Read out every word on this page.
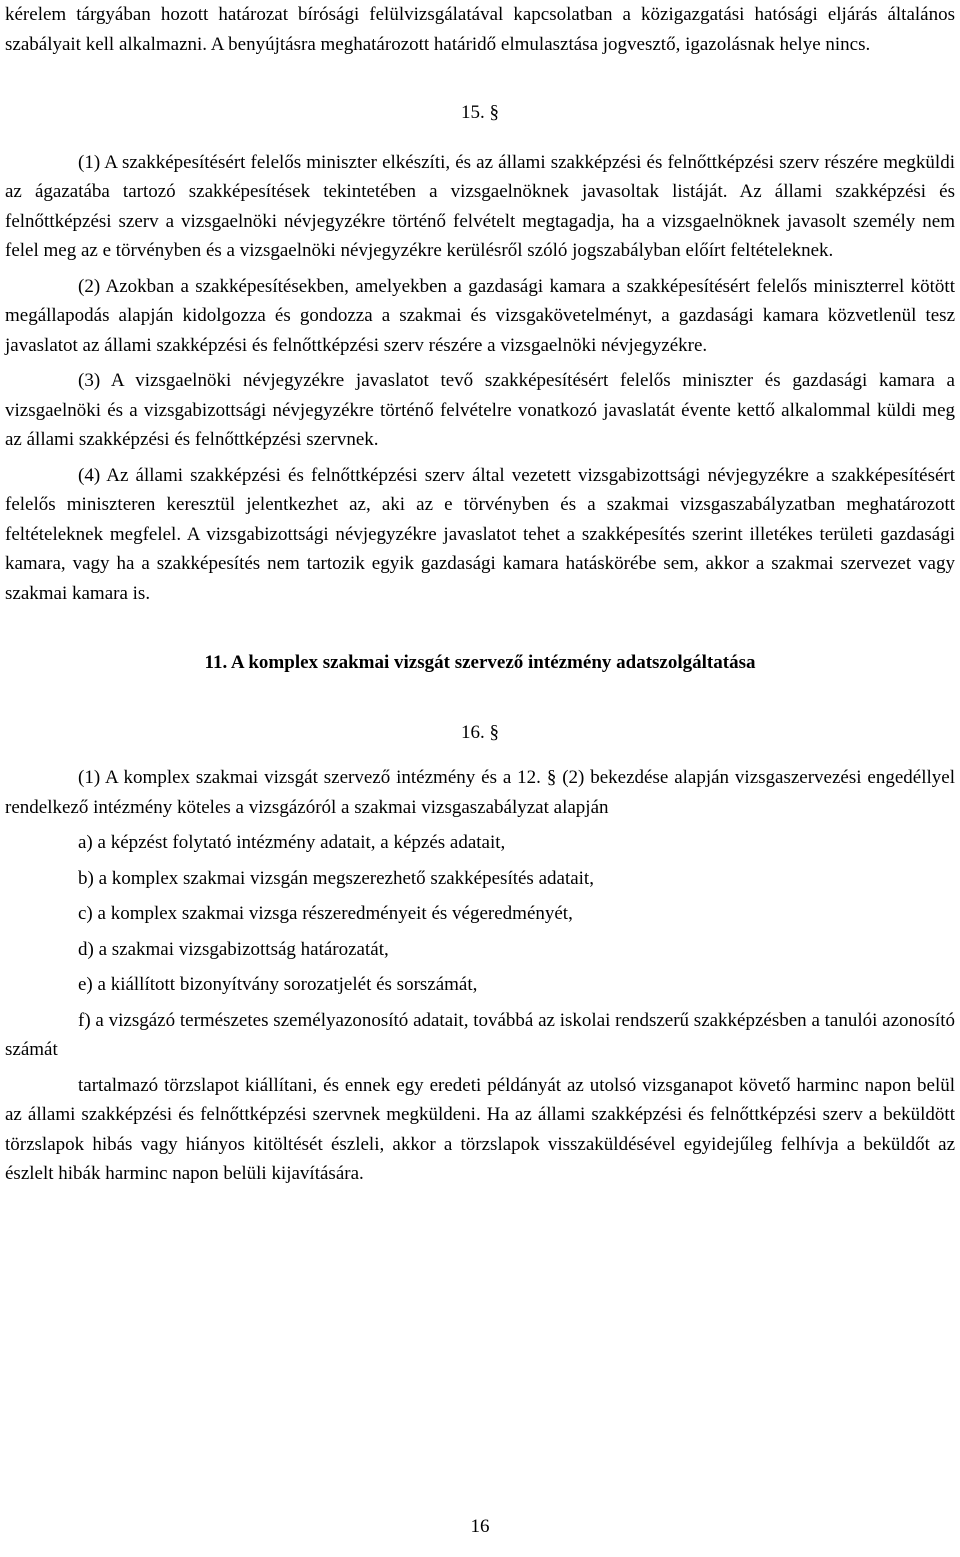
kérelem tárgyában hozott határozat bírósági felülvizsgálatával kapcsolatban a közigazgatási hatósági eljárás általános szabályait kell alkalmazni. A benyújtásra meghatározott határidő elmulasztása jogvesztő, igazolásnak helye nincs.

15. §

(1) A szakképesítésért felelős miniszter elkészíti, és az állami szakképzési és felnőttképzési szerv részére megküldi az ágazatába tartozó szakképesítések tekintetében a vizsgaelnöknek javasoltak listáját. Az állami szakképzési és felnőttképzési szerv a vizsgaelnöki névjegyzékre történő felvételt megtagadja, ha a vizsgaelnöknek javasolt személy nem felel meg az e törvényben és a vizsgaelnöki névjegyzékre kerülésről szóló jogszabályban előírt feltételeknek.

(2) Azokban a szakképesítésekben, amelyekben a gazdasági kamara a szakképesítésért felelős miniszterrel kötött megállapodás alapján kidolgozza és gondozza a szakmai és vizsgakövetelményt, a gazdasági kamara közvetlenül tesz javaslatot az állami szakképzési és felnőttképzési szerv részére a vizsgaelnöki névjegyzékre.

(3) A vizsgaelnöki névjegyzékre javaslatot tevő szakképesítésért felelős miniszter és gazdasági kamara a vizsgaelnöki és a vizsgabizottsági névjegyzékre történő felvételre vonatkozó javaslatát évente kettő alkalommal küldi meg az állami szakképzési és felnőttképzési szervnek.

(4) Az állami szakképzési és felnőttképzési szerv által vezetett vizsgabizottsági névjegyzékre a szakképesítésért felelős miniszteren keresztül jelentkezhet az, aki az e törvényben és a szakmai vizsgaszabályzatban meghatározott feltételeknek megfelel. A vizsgabizottsági névjegyzékre javaslatot tehet a szakképesítés szerint illetékes területi gazdasági kamara, vagy ha a szakképesítés nem tartozik egyik gazdasági kamara hatáskörébe sem, akkor a szakmai szervezet vagy szakmai kamara is.

11. A komplex szakmai vizsgát szervező intézmény adatszolgáltatása

16. §

(1) A komplex szakmai vizsgát szervező intézmény és a 12. § (2) bekezdése alapján vizsgaszervezési engedéllyel rendelkező intézmény köteles a vizsgázóról a szakmai vizsgaszabályzat alapján

a) a képzést folytató intézmény adatait, a képzés adatait,

b) a komplex szakmai vizsgán megszerezhető szakképesítés adatait,

c) a komplex szakmai vizsga részeredményeit és végeredményét,

d) a szakmai vizsgabizottság határozatát,

e) a kiállított bizonyítvány sorozatjelét és sorszámát,

f) a vizsgázó természetes személyazonosító adatait, továbbá az iskolai rendszerű szakképzésben a tanulói azonosító számát

tartalmazó törzslapot kiállítani, és ennek egy eredeti példányát az utolsó vizsganapot követő harminc napon belül az állami szakképzési és felnőttképzési szervnek megküldeni. Ha az állami szakképzési és felnőttképzési szerv a beküldött törzslapok hibás vagy hiányos kitöltését észleli, akkor a törzslapok visszaküldésével egyidejűleg felhívja a beküldőt az észlelt hibák harminc napon belüli kijavítására.

16
